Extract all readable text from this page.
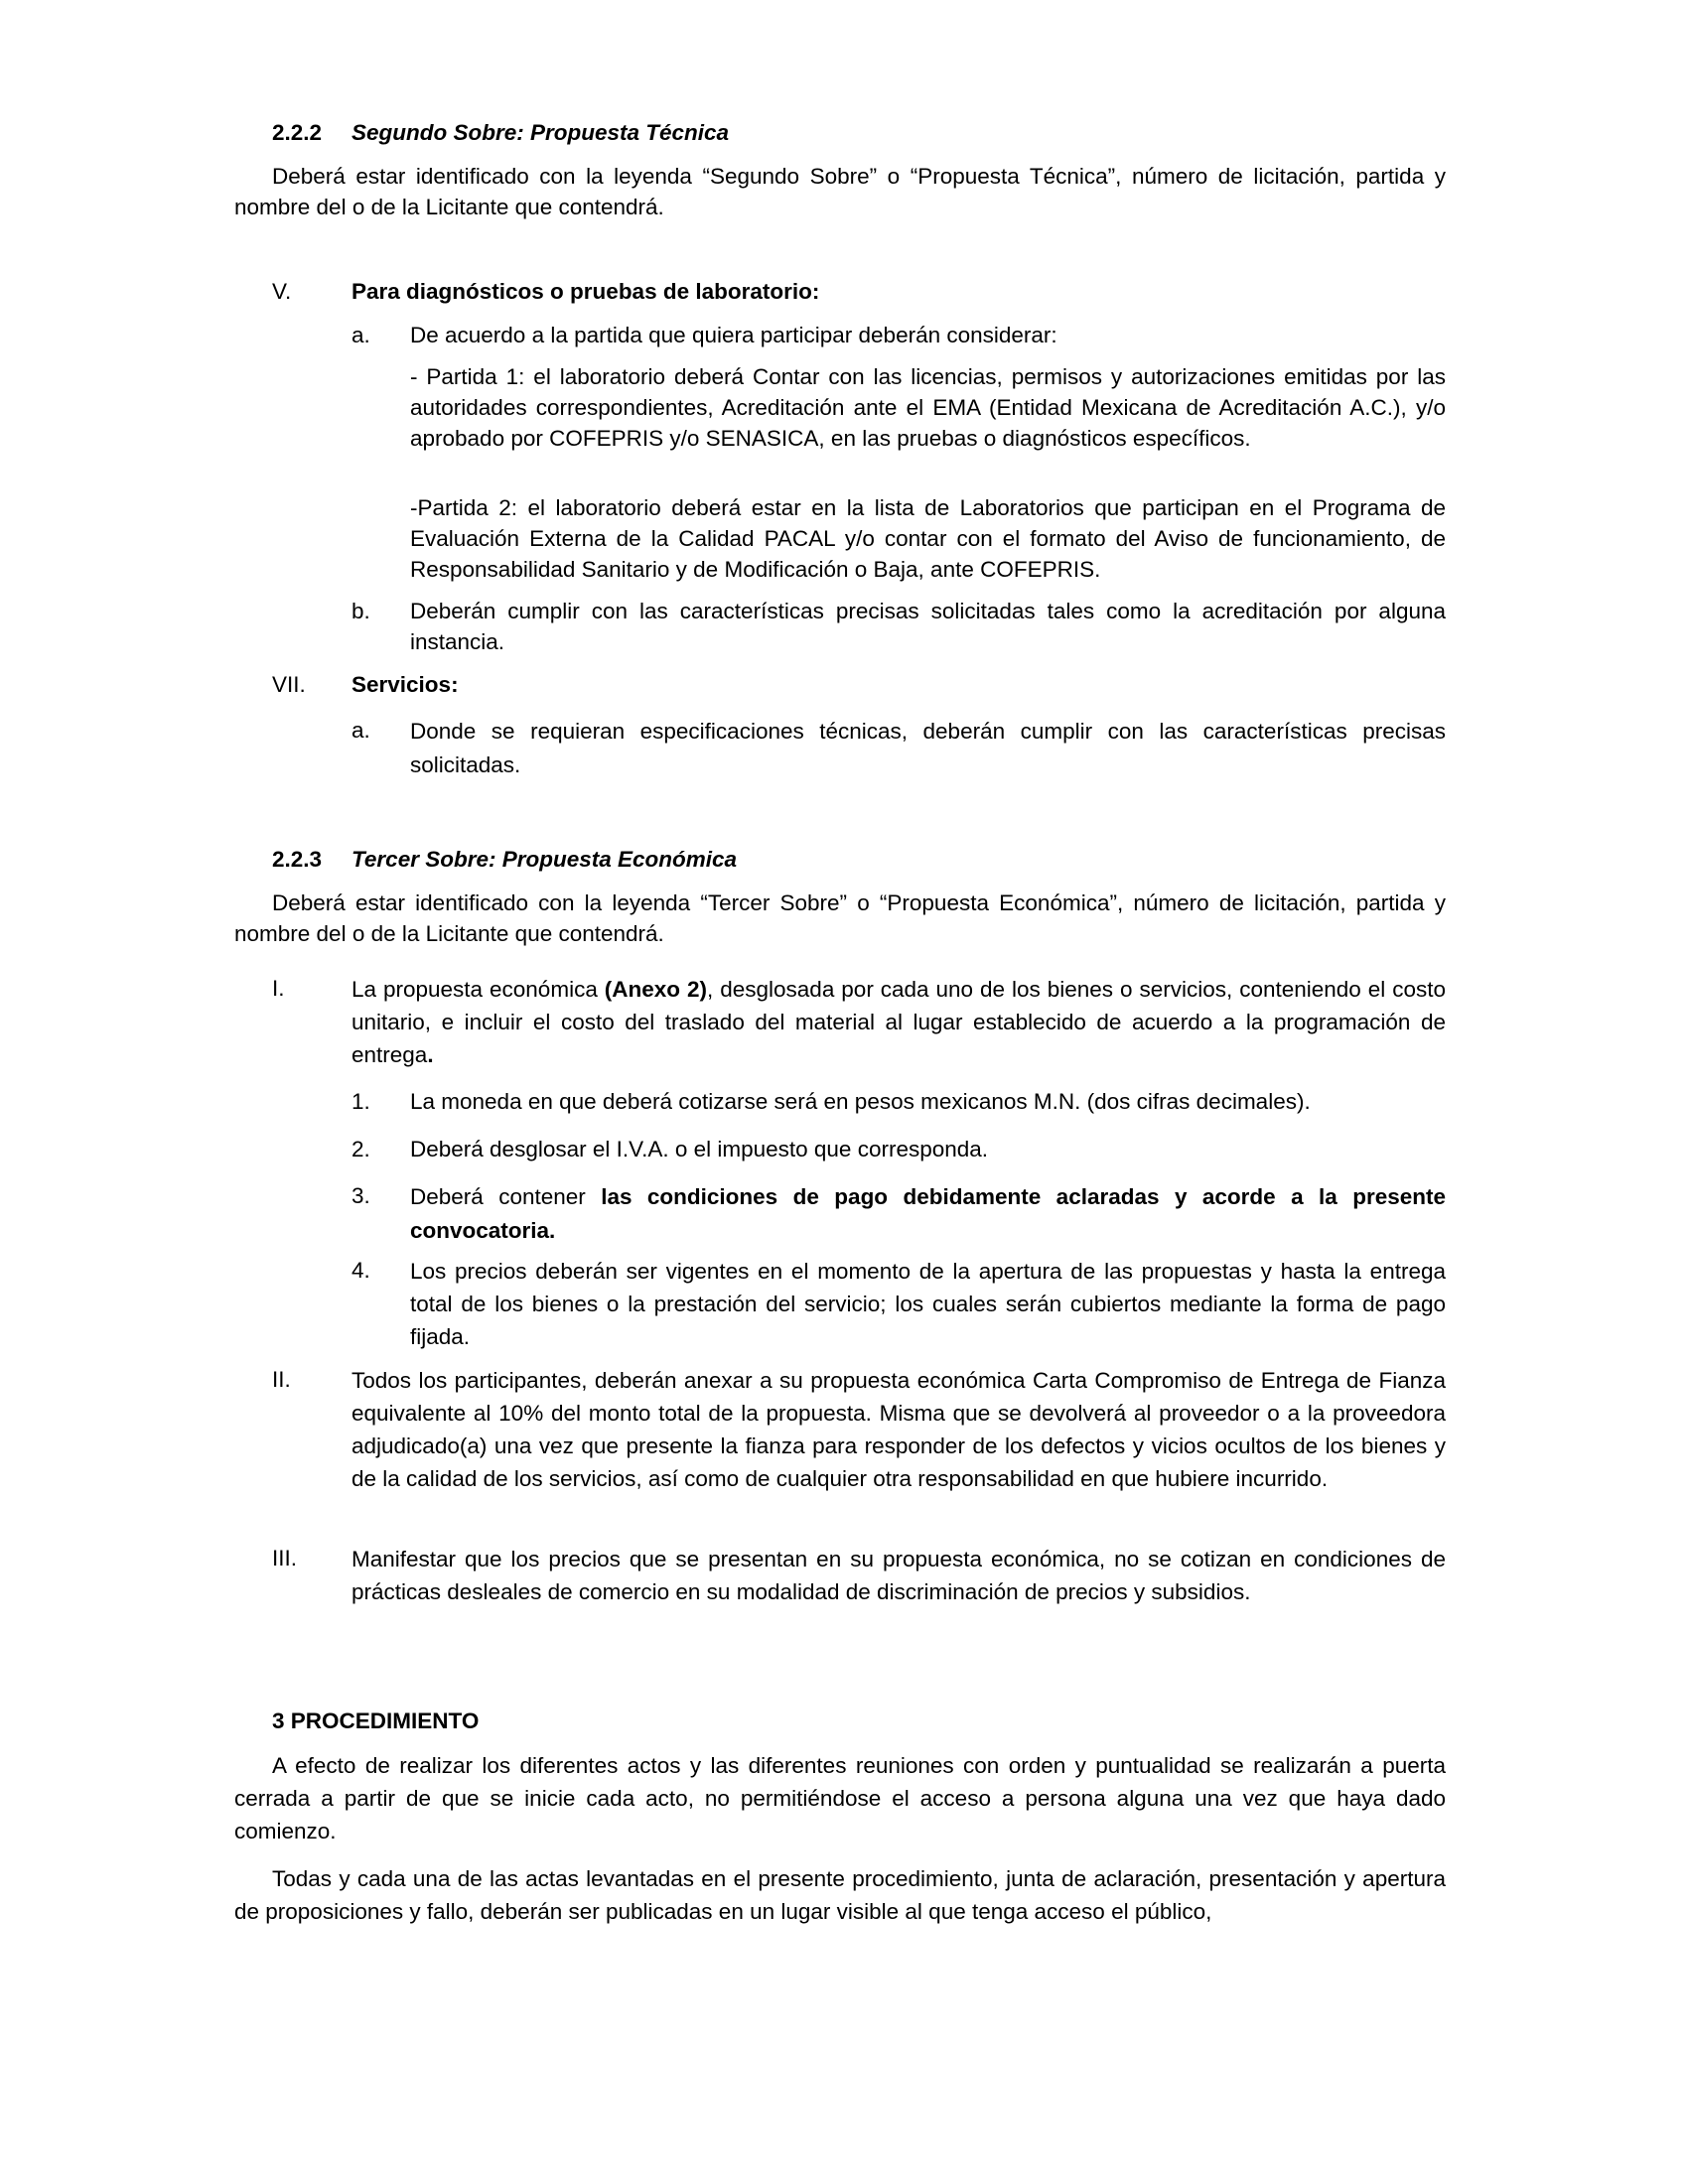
2.2.2 Segundo Sobre: Propuesta Técnica

Deberá estar identificado con la leyenda “Segundo Sobre” o “Propuesta Técnica”, número de licitación, partida y nombre del o de la Licitante que contendrá.

V.	Para diagnósticos o pruebas de laboratorio:
a. De acuerdo a la partida que quiera participar deberán considerar:

- Partida 1: el laboratorio deberá Contar con las licencias, permisos y autorizaciones emitidas por las autoridades correspondientes, Acreditación ante el EMA (Entidad Mexicana de Acreditación A.C.), y/o aprobado por COFEPRIS y/o SENASICA, en las pruebas o diagnósticos específicos.

-Partida 2: el laboratorio deberá estar en la lista de Laboratorios que participan en el Programa de Evaluación Externa de la Calidad PACAL y/o contar con el formato del Aviso de funcionamiento, de Responsabilidad Sanitario y de Modificación o Baja, ante COFEPRIS.

b. Deberán cumplir con las características precisas solicitadas tales como la acreditación por alguna instancia.

VII. Servicios:
a. Donde se requieran especificaciones técnicas, deberán cumplir con las características precisas solicitadas.

2.2.3 Tercer Sobre: Propuesta Económica

Deberá estar identificado con la leyenda “Tercer Sobre” o “Propuesta Económica”, número de licitación, partida y nombre del o de la Licitante que contendrá.

I.	La propuesta económica (Anexo 2), desglosada por cada uno de los bienes o servicios, conteniendo el costo unitario, e incluir el costo del traslado del material al lugar establecido de acuerdo a la programación de entrega.

1. La moneda en que deberá cotizarse será en pesos mexicanos M.N. (dos cifras decimales).

2. Deberá desglosar el I.V.A. o el impuesto que corresponda.

3. Deberá contener las condiciones de pago debidamente aclaradas y acorde a la presente convocatoria.

4. Los precios deberán ser vigentes en el momento de la apertura de las propuestas y hasta la entrega total de los bienes o la prestación del servicio; los cuales serán cubiertos mediante la forma de pago fijada.

II.	Todos los participantes, deberán anexar a su propuesta económica Carta Compromiso de Entrega de Fianza equivalente al 10% del monto total de la propuesta. Misma que se devolverá al proveedor o a la proveedora adjudicado(a) una vez que presente la fianza para responder de los defectos y vicios ocultos de los bienes y de la calidad de los servicios, así como de cualquier otra responsabilidad en que hubiere incurrido.

III. Manifestar que los precios que se presentan en su propuesta económica, no se cotizan en condiciones de prácticas desleales de comercio en su modalidad de discriminación de precios y subsidios.

3 PROCEDIMIENTO

A efecto de realizar los diferentes actos y las diferentes reuniones con orden y puntualidad se realizarán a puerta cerrada a partir de que se inicie cada acto, no permitiéndose el acceso a persona alguna una vez que haya dado comienzo.

Todas y cada una de las actas levantadas en el presente procedimiento, junta de aclaración, presentación y apertura de proposiciones y fallo, deberán ser publicadas en un lugar visible al que tenga acceso el público,
